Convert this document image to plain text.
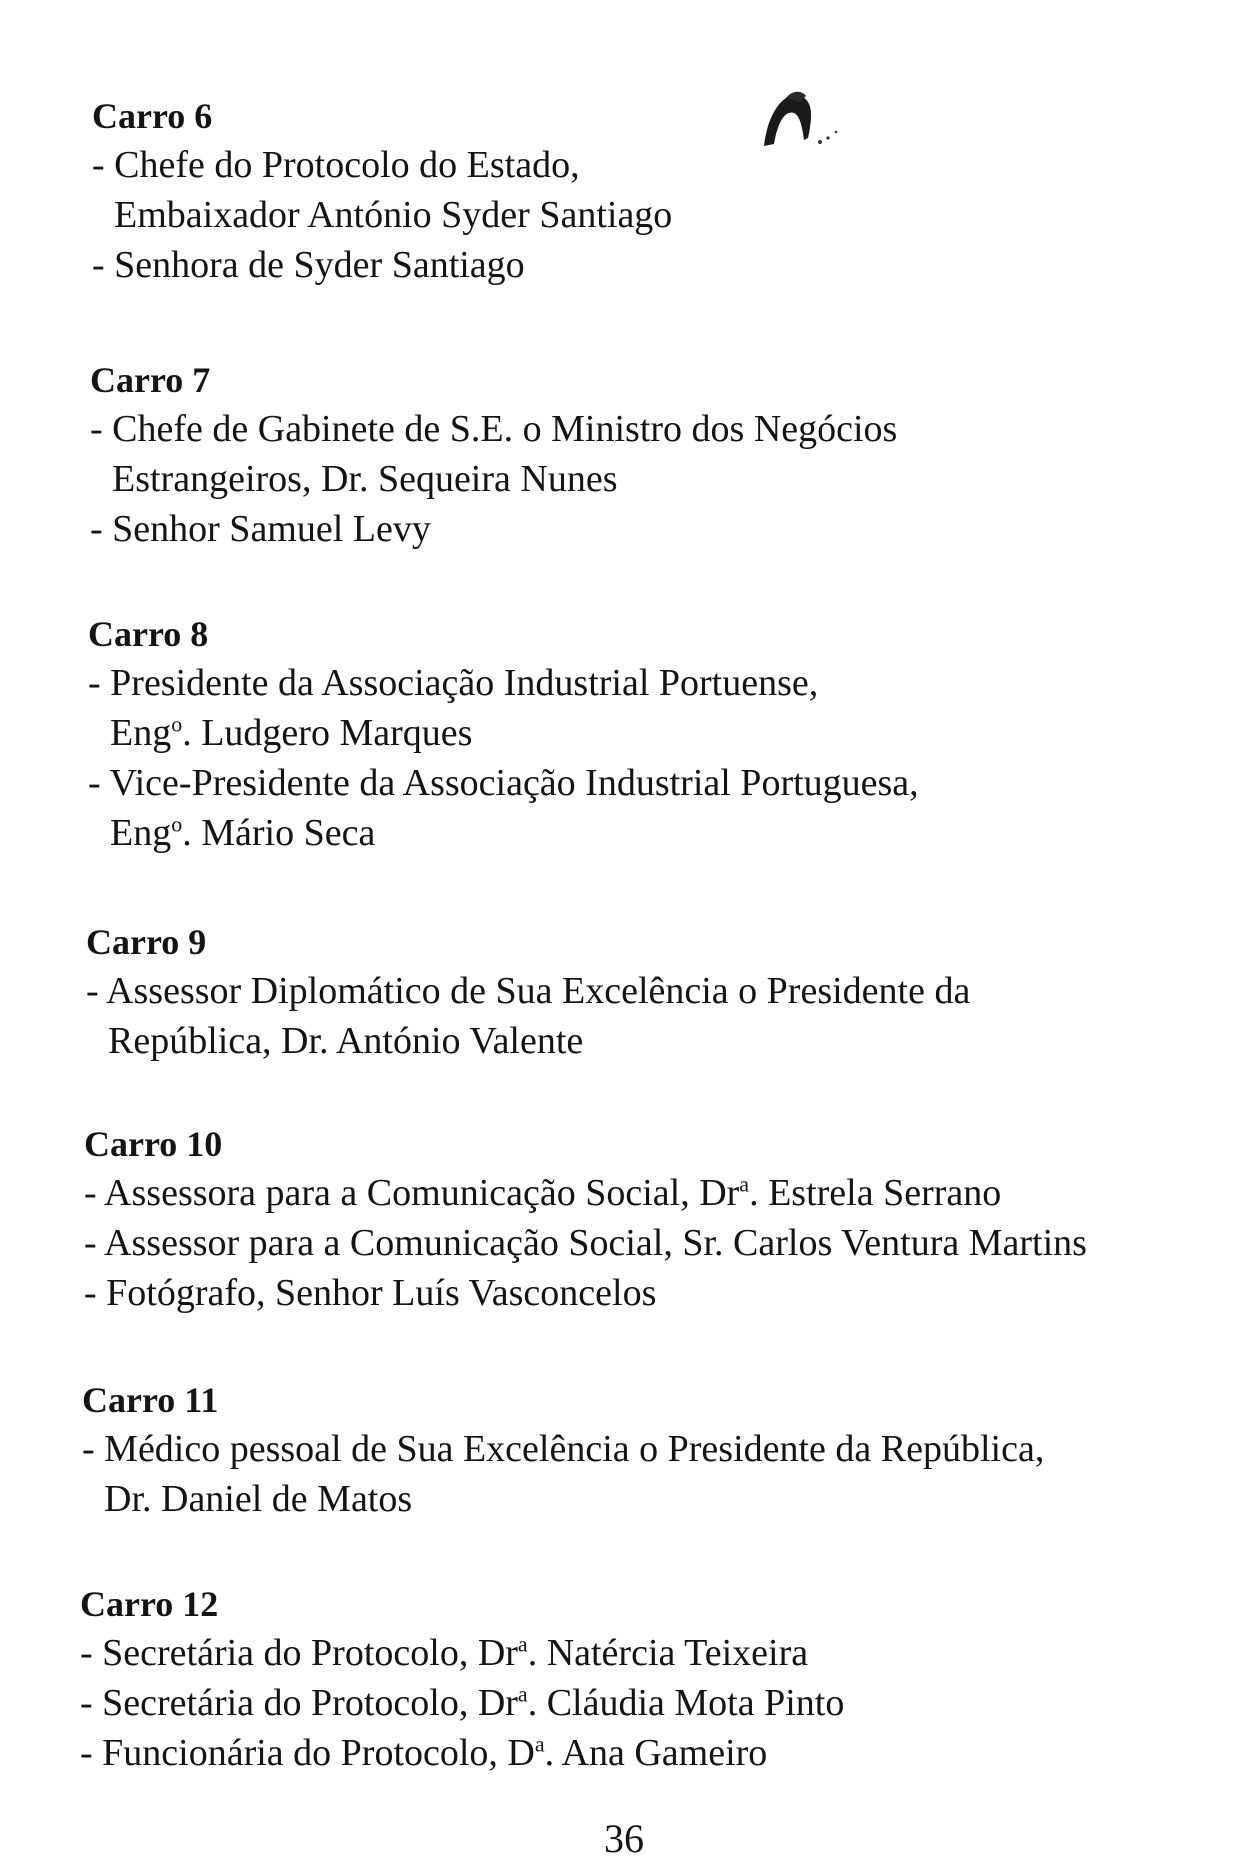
Carro 6
- Chefe do Protocolo do Estado,
Embaixador António Syder Santiago
- Senhora de Syder Santiago
Carro 7
- Chefe de Gabinete de S.E. o Ministro dos Negócios
Estrangeiros, Dr. Sequeira Nunes
- Senhor Samuel Levy
Carro 8
- Presidente da Associação Industrial Portuense,
Eng$^o$. Ludgero Marques
- Vice-Presidente da Associação Industrial Portuguesa,
Eng$^o$. Mário Seca
Carro 9
- Assessor Diplomático de Sua Excelência o Presidente da
República, Dr. António Valente
Carro 10
- Assessora para a Comunicação Social, Dr$^a$. Estrela Serrano
- Assessor para a Comunicação Social, Sr. Carlos Ventura Martins
- Fotógrafo, Senhor Luís Vasconcelos
Carro 11
- Médico pessoal de Sua Excelência o Presidente da República,
Dr. Daniel de Matos
Carro 12
- Secretária do Protocolo, Dr$^a$. Natércia Teixeira
- Secretária do Protocolo, Dr$^a$. Cláudia Mota Pinto
- Funcionária do Protocolo, $D^a$. Ana Gameiro
36
